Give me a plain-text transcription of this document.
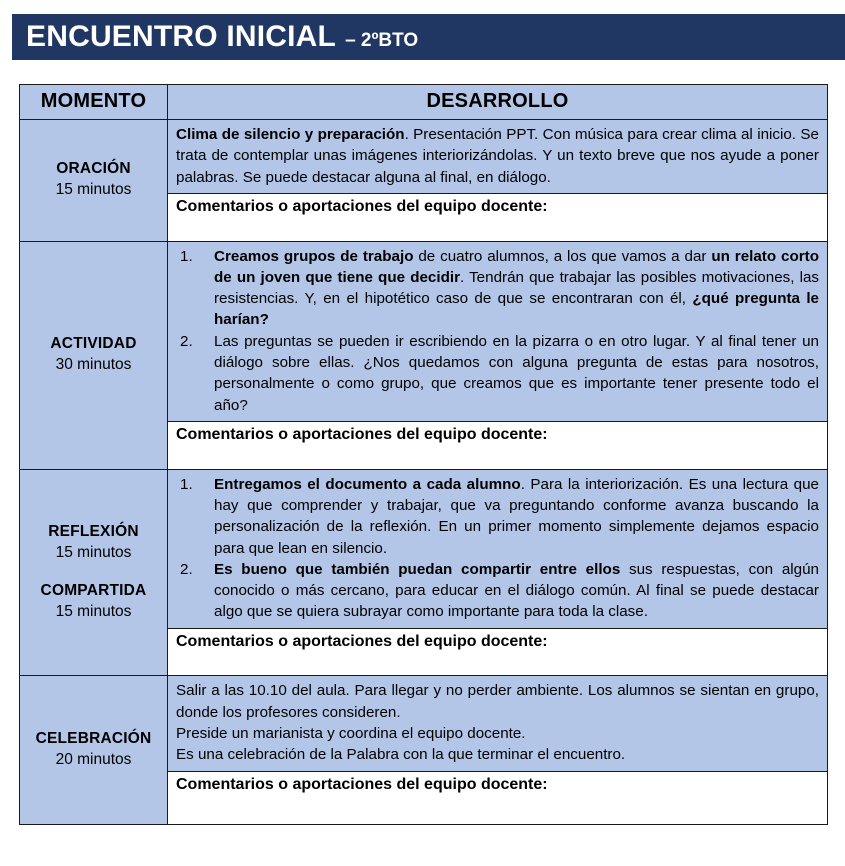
ENCUENTRO INICIAL – 2ºBTO
MOMENTO	DESARROLLO

ORACIÓN
15 minutos	Clima de silencio y preparación. Presentación PPT. Con música para crear clima al inicio. Se trata de contemplar unas imágenes interiorizándolas. Y un texto breve que nos ayude a poner palabras. Se puede destacar alguna al final, en diálogo.

	Comentarios o aportaciones del equipo docente:

ACTIVIDAD
30 minutos

1.	Creamos grupos de trabajo de cuatro alumnos, a los que vamos a dar un relato corto de un joven que tiene que decidir. Tendrán que trabajar las posibles motivaciones, las resistencias. Y, en el hipotético caso de que se encontraran con él, ¿qué pregunta le harían?
2.	Las preguntas se pueden ir escribiendo en la pizarra o en otro lugar. Y al final tener un diálogo sobre ellas. ¿Nos quedamos con alguna pregunta de estas para nosotros, personalmente o como grupo, que creamos que es importante tener presente todo el año?

	Comentarios o aportaciones del equipo docente:

REFLEXIÓN
15 minutos
COMPARTIDA
15 minutos

1.	Entregamos el documento a cada alumno. Para la interiorización. Es una lectura que hay que comprender y trabajar, que va preguntando conforme avanza buscando la personalización de la reflexión. En un primer momento simplemente dejamos espacio para que lean en silencio.
2.	Es bueno que también puedan compartir entre ellos sus respuestas, con algún conocido o más cercano, para educar en el diálogo común. Al final se puede destacar algo que se quiera subrayar como importante para toda la clase.

	Comentarios o aportaciones del equipo docente:

CELEBRACIÓN
20 minutos

Salir a las 10.10 del aula. Para llegar y no perder ambiente. Los alumnos se sientan en grupo, donde los profesores consideren.

Preside un marianista y coordina el equipo docente.

Es una celebración de la Palabra con la que terminar el encuentro.

	Comentarios o aportaciones del equipo docente:
